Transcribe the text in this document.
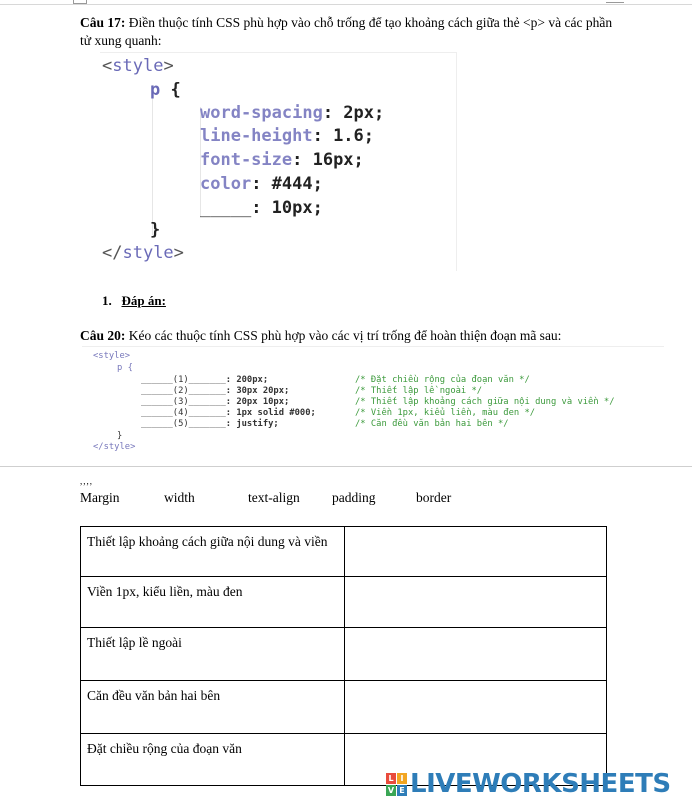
Câu 17: Điền thuộc tính CSS phù hợp vào chỗ trống để tạo khoảng cách giữa thẻ <p> và các phần tử xung quanh:
<style>
p {
word-spacing: 2px;
line-height: 1.6;
font-size: 16px;
color: #444;
_____: 10px;
}
</style>
1. Đáp án:
Câu 20: Kéo các thuộc tính CSS phù hợp vào các vị trí trống để hoàn thiện đoạn mã sau:
<style>
p {
______(1)_______: 200px;	/* Đặt chiều rộng của đoạn văn */
______(2)_______: 30px 20px;	/* Thiết lập lề ngoài */
______(3)_______: 20px 10px;	/* Thiết lập khoảng cách giữa nội dung và viền */
______(4)_______: 1px solid #000;	/* Viền 1px, kiểu liền, màu đen */
______(5)_______: justify;	/* Căn đều văn bản hai bên */
}
</style>
,,,,
Margin	width	text-align padding	border
Thiết lập khoảng cách giữa nội dung và viền	
Viền 1px, kiểu liền, màu đen	
Thiết lập lề ngoài	
Căn đều văn bản hai bên	
Đặt chiều rộng của đoạn văn	
L I
V E LIVEWORKSHEETS
